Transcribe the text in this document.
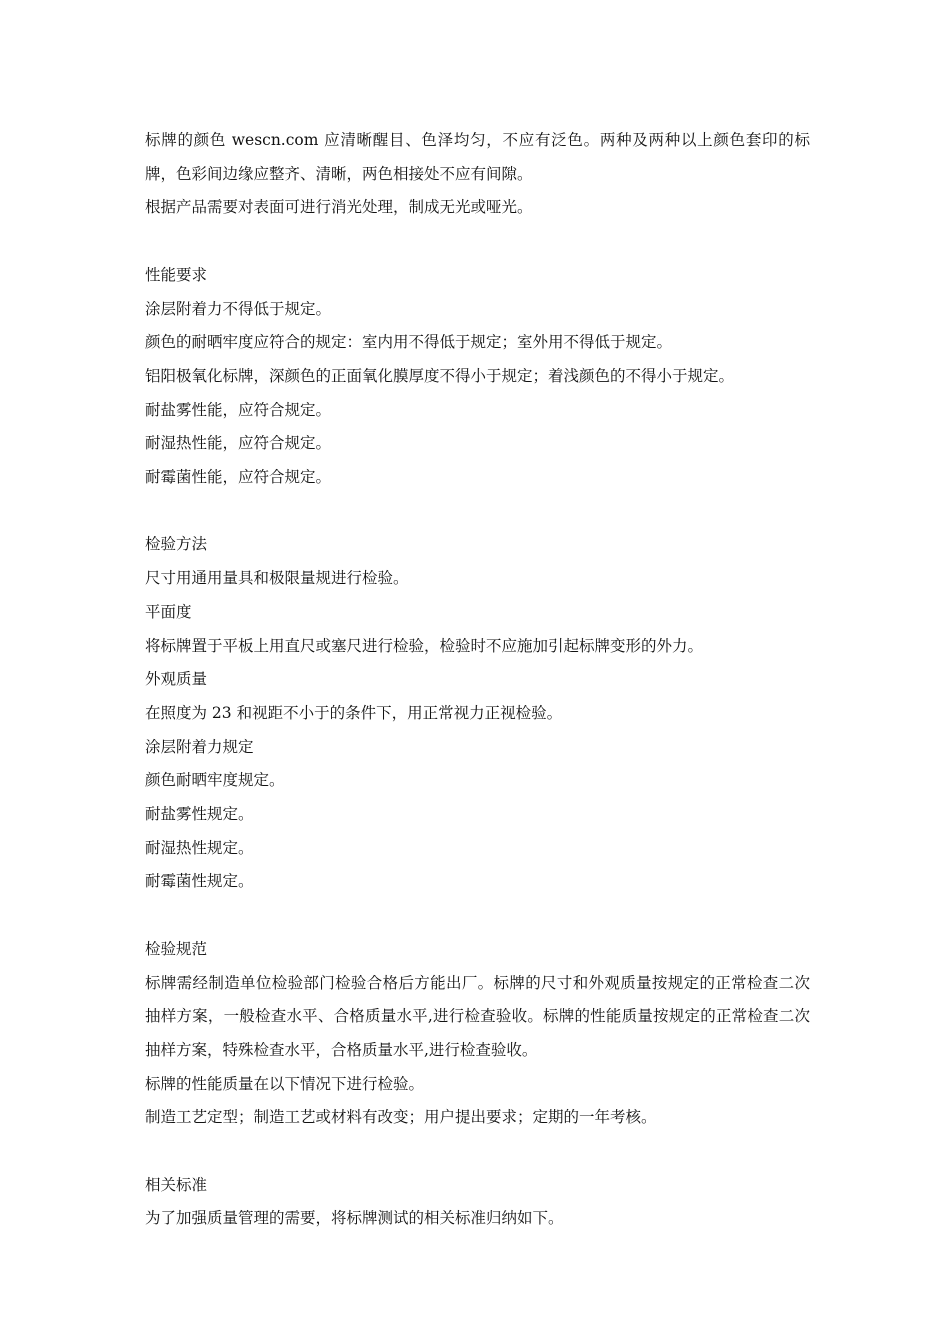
标牌的颜色 wescn.com 应清晰醒目、色泽均匀，不应有泛色。两种及两种以上颜色套印的标牌，色彩间边缘应整齐、清晰，两色相接处不应有间隙。

根据产品需要对表面可进行消光处理，制成无光或哑光。

性能要求

涂层附着力不得低于规定。

颜色的耐晒牢度应符合的规定：室内用不得低于规定；室外用不得低于规定。

铝阳极氧化标牌，深颜色的正面氧化膜厚度不得小于规定；着浅颜色的不得小于规定。

耐盐雾性能，应符合规定。

耐湿热性能，应符合规定。

耐霉菌性能，应符合规定。

检验方法

尺寸用通用量具和极限量规进行检验。

平面度

将标牌置于平板上用直尺或塞尺进行检验，检验时不应施加引起标牌变形的外力。

外观质量

在照度为 23 和视距不小于的条件下，用正常视力正视检验。

涂层附着力规定

颜色耐晒牢度规定。

耐盐雾性规定。

耐湿热性规定。

耐霉菌性规定。

检验规范

标牌需经制造单位检验部门检验合格后方能出厂。标牌的尺寸和外观质量按规定的正常检查二次抽样方案，一般检查水平、合格质量水平,进行检查验收。标牌的性能质量按规定的正常检查二次抽样方案，特殊检查水平，合格质量水平,进行检查验收。

标牌的性能质量在以下情况下进行检验。

制造工艺定型；制造工艺或材料有改变；用户提出要求；定期的一年考核。

相关标准

为了加强质量管理的需要，将标牌测试的相关标准归纳如下。
